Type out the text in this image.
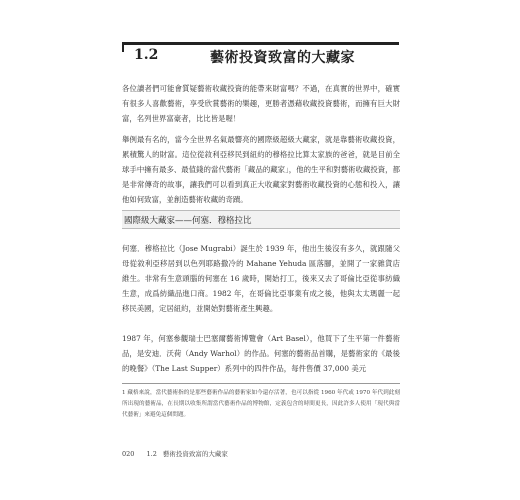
1.2	藝術投資致富的大藏家

各位讀者們可能會質疑藝術收藏投資的能帶來財富嗎？不過，在真實的世界中，確實有很多人喜歡藝術，享受欣賞藝術的樂趣，更勝者憑藉收藏投資藝術，而擁有巨大財富，名列世界富豪者，比比皆是喔！

舉例最有名的，當今全世界名氣最響亮的國際級超級大藏家，就是靠藝術收藏投資，累積驚人的財富。這位從敘利亞移民到紐約的穆格拉比算太家族的爸爸，就是目前全球手中擁有最多、最值錢的當代藝術「藏品的藏家」，他的生平和對藝術收藏投資，都是非常傳奇的故事，讓我們可以看到真正大收藏家對藝術收藏投資的心態和投入，讓他如何致富，並創造藝術收藏的奇蹟。

國際級大藏家——何塞．穆格拉比

何塞．穆格拉比（Jose Mugrabi）誕生於 1939 年，他出生後沒有多久，就跟隨父母從敘利亞移居到以色列耶路撒冷的 Mahane Yehuda 區落腳，並開了一家雜貨店維生。非常有生意頭腦的何塞在 16 歲時，開始打工，後來又去了哥倫比亞從事紡織生意，成爲紡織品進口商。1982 年，在哥倫比亞事業有成之後，他與太太瑪麗一起移民美國，定居紐約，並開始對藝術產生興趣。

1987 年，何塞參觀瑞士巴塞爾藝術博覽會（Art Basel），他買下了生平第一件藝術品，是安迪．沃荷（Andy Warhol）的作品。何塞的藝術品首購，是藝術家的《最後的晚餐》（The Last Supper）系列中的四件作品，每件售價 37,000 美元

1 藏格來說，當代藝術指的是那些藝術作品的藝術家如今還存活著，也可以指從 1960 年代或 1970 年代到此刻所出現的藝術品，在長期以收集所謂當代藝術作品的博物館，定義包含的時間更長，因此許多人使用「現代與當代藝術」來避免這個問題。

020 1.2 藝術投資致富的大藏家
